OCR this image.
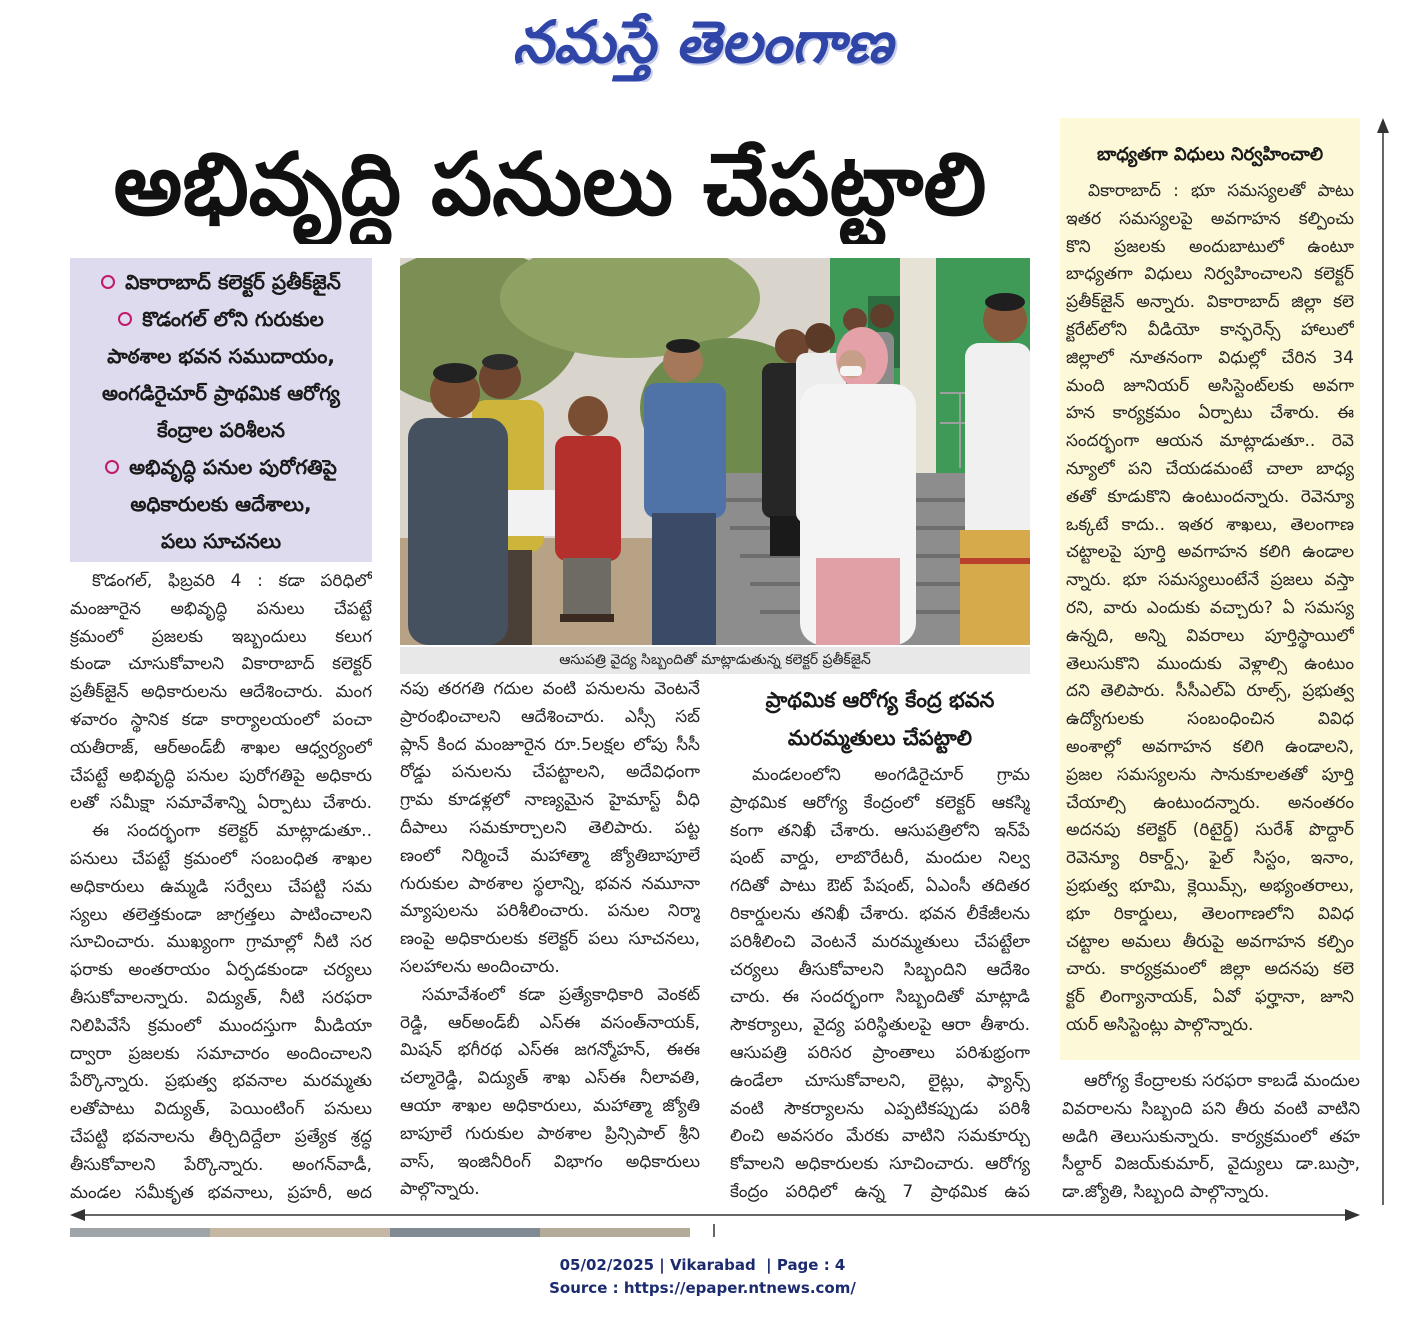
నమస్తే తెలంగాణ
అభివృద్ధి పనులు చేపట్టాలి
వికారాబాద్ కలెక్టర్ ప్రతీక్‌జైన్
కొడంగల్ లోని గురుకుల
పాఠశాల భవన సముదాయం,
అంగడిరైచూర్ ప్రాథమిక ఆరోగ్య
కేంద్రాల పరిశీలన
అభివృద్ధి పనుల పురోగతిపై
అధికారులకు ఆదేశాలు,
పలు సూచనలు
ఆసుపత్రి వైద్య సిబ్బందితో మాట్లాడుతున్న కలెక్టర్ ప్రతీక్‌జైన్
బాధ్యతగా విధులు నిర్వహించాలి
వికారాబాద్ : భూ సమస్యలతో పాటు
ఇతర సమస్యలపై అవగాహన కల్పించు
కొని ప్రజలకు అందుబాటులో ఉంటూ
బాధ్యతగా విధులు నిర్వహించాలని కలెక్టర్
ప్రతీక్‌జైన్ అన్నారు. వికారాబాద్ జిల్లా కలె
క్టరేట్‌లోని వీడియో కాన్ఫరెన్స్ హాలులో
జిల్లాలో నూతనంగా విధుల్లో చేరిన 34
మంది జూనియర్ అసిస్టెంట్‌లకు అవగా
హన కార్యక్రమం ఏర్పాటు చేశారు. ఈ
సందర్భంగా ఆయన మాట్లాడుతూ.. రెవె
న్యూలో పని చేయడమంటే చాలా బాధ్య
తతో కూడుకొని ఉంటుందన్నారు. రెవెన్యూ
ఒక్కటే కాదు.. ఇతర శాఖలు, తెలంగాణ
చట్టాలపై పూర్తి అవగాహన కలిగి ఉండాల
న్నారు. భూ సమస్యలుంటేనే ప్రజలు వస్తా
రని, వారు ఎందుకు వచ్చారు? ఏ సమస్య
ఉన్నది, అన్ని వివరాలు పూర్తిస్థాయిలో
తెలుసుకొని ముందుకు వెళ్లాల్సి ఉంటుం
దని తెలిపారు. సీసీఎల్ఏ రూల్స్, ప్రభుత్వ
ఉద్యోగులకు సంబంధించిన వివిధ
అంశాల్లో అవగాహన కలిగి ఉండాలని,
ప్రజల సమస్యలను సానుకూలతతో పూర్తి
చేయాల్సి ఉంటుందన్నారు. అనంతరం
అదనపు కలెక్టర్ (రిటైర్డ్) సురేశ్ పొద్దార్
రెవెన్యూ రికార్డ్స్, ఫైల్ సిస్టం, ఇనాం,
ప్రభుత్వ భూమి, క్లెయిమ్స్, అభ్యంతరాలు,
భూ రికార్డులు, తెలంగాణలోని వివిధ
చట్టాల అమలు తీరుపై అవగాహన కల్పిం
చారు. కార్యక్రమంలో జిల్లా అదనపు కలె
క్టర్ లింగ్యానాయక్, ఏవో ఫర్హానా, జూని
యర్ అసిస్టెంట్లు పాల్గొన్నారు.
ప్రాథమిక ఆరోగ్య కేంద్ర భవన
మరమ్మతులు చేపట్టాలి
కొడంగల్, ఫిబ్రవరి 4 : కడా పరిధిలో
మంజూరైన అభివృద్ధి పనులు చేపట్టే
క్రమంలో ప్రజలకు ఇబ్బందులు కలుగ
కుండా చూసుకోవాలని వికారాబాద్ కలెక్టర్
ప్రతీక్‌జైన్ అధికారులను ఆదేశించారు. మంగ
ళవారం స్థానిక కడా కార్యాలయంలో పంచా
యతీరాజ్, ఆర్అండ్‌బీ శాఖల ఆధ్వర్యంలో
చేపట్టే అభివృద్ధి పనుల పురోగతిపై అధికారు
లతో సమీక్షా సమావేశాన్ని ఏర్పాటు చేశారు.
ఈ సందర్భంగా కలెక్టర్ మాట్లాడుతూ..
పనులు చేపట్టే క్రమంలో సంబంధిత శాఖల
అధికారులు ఉమ్మడి సర్వేలు చేపట్టి సమ
స్యలు తలెత్తకుండా జాగ్రత్తలు పాటించాలని
సూచించారు. ముఖ్యంగా గ్రామాల్లో నీటి సర
ఫరాకు అంతరాయం ఏర్పడకుండా చర్యలు
తీసుకోవాలన్నారు. విద్యుత్, నీటి సరఫరా
నిలిపివేసే క్రమంలో ముందస్తుగా మీడియా
ద్వారా ప్రజలకు సమాచారం అందించాలని
పేర్కొన్నారు. ప్రభుత్వ భవనాల మరమ్మతు
లతోపాటు విద్యుత్, పెయింటింగ్ పనులు
చేపట్టి భవనాలను తీర్చిదిద్దేలా ప్రత్యేక శ్రద్ధ
తీసుకోవాలని పేర్కొన్నారు. అంగన్‌వాడీ,
మండల సమీకృత భవనాలు, ప్రహరీ, అద
నపు తరగతి గదుల వంటి పనులను వెంటనే
ప్రారంభించాలని ఆదేశించారు. ఎస్సీ సబ్
ప్లాన్ కింద మంజూరైన రూ.5లక్షల లోపు సీసీ
రోడ్డు పనులను చేపట్టాలని, అదేవిధంగా
గ్రామ కూడళ్లలో నాణ్యమైన హైమాస్ట్ వీధి
దీపాలు సమకూర్చాలని తెలిపారు. పట్ట
ణంలో నిర్మించే మహాత్మా జ్యోతిబాపూలే
గురుకుల పాఠశాల స్థలాన్ని, భవన నమూనా
మ్యాపులను పరిశీలించారు. పనుల నిర్మా
ణంపై అధికారులకు కలెక్టర్ పలు సూచనలు,
సలహాలను అందించారు.
సమావేశంలో కడా ప్రత్యేకాధికారి వెంకట్
రెడ్డి, ఆర్అండ్‌బీ ఎస్ఈ వసంత్‌నాయక్,
మిషన్ భగీరథ ఎస్ఈ జగన్మోహన్, ఈఈ
చల్మారెడ్డి, విద్యుత్ శాఖ ఎస్ఈ నీలావతి,
ఆయా శాఖల అధికారులు, మహాత్మా జ్యోతి
బాపూలే గురుకుల పాఠశాల ప్రిన్సిపాల్ శ్రీని
వాస్, ఇంజినీరింగ్ విభాగం అధికారులు
పాల్గొన్నారు.
మండలంలోని అంగడిరైచూర్ గ్రామ
ప్రాథమిక ఆరోగ్య కేంద్రంలో కలెక్టర్ ఆకస్మి
కంగా తనిఖీ చేశారు. ఆసుపత్రిలోని ఇన్‌పే
షంట్ వార్డు, లాబొరేటరీ, మందుల నిల్వ
గదితో పాటు ఔట్ పేషంట్, ఏఎంసీ తదితర
రికార్డులను తనిఖీ చేశారు. భవన లీకేజీలను
పరిశీలించి వెంటనే మరమ్మతులు చేపట్టేలా
చర్యలు తీసుకోవాలని సిబ్బందిని ఆదేశిం
చారు. ఈ సందర్భంగా సిబ్బందితో మాట్లాడి
సౌకర్యాలు, వైద్య పరిస్థితులపై ఆరా తీశారు.
ఆసుపత్రి పరిసర ప్రాంతాలు పరిశుభ్రంగా
ఉండేలా చూసుకోవాలని, లైట్లు, ఫ్యాన్స్
వంటి సౌకర్యాలను ఎప్పటికప్పుడు పరిశీ
లించి అవసరం మేరకు వాటిని సమకూర్చు
కోవాలని అధికారులకు సూచించారు. ఆరోగ్య
కేంద్రం పరిధిలో ఉన్న 7 ప్రాథమిక ఉప
ఆరోగ్య కేంద్రాలకు సరఫరా కాబడే మందుల
వివరాలను సిబ్బంది పని తీరు వంటి వాటిని
అడిగి తెలుసుకున్నారు. కార్యక్రమంలో తహ
సీల్దార్ విజయ్‌కుమార్, వైద్యులు డా.బుస్రా,
డా.జ్యోతి, సిబ్బంది పాల్గొన్నారు.
05/02/2025 | Vikarabad  | Page : 4
Source : https://epaper.ntnews.com/
